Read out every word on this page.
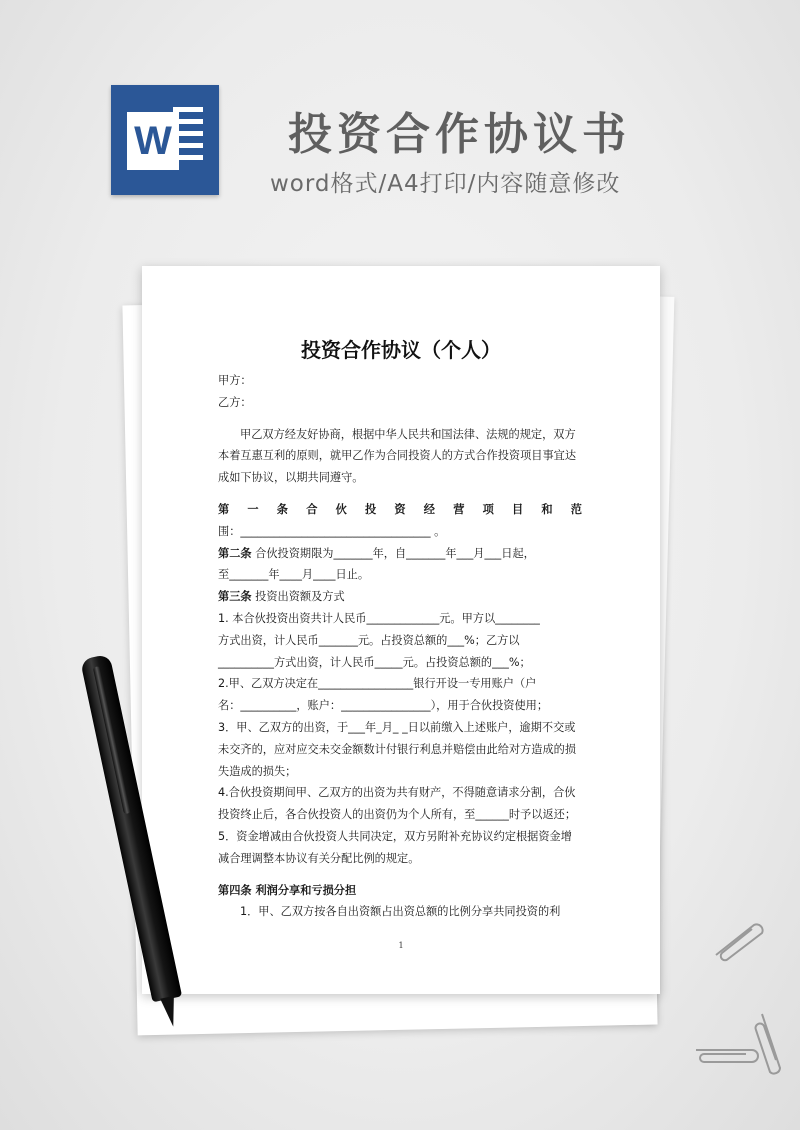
W	投资合作协议书
word格式/A4打印/内容随意修改
投资合作协议（个人）

甲方：

乙方：

甲乙双方经友好协商，根据中华人民共和国法律、法规的规定，双方本着互惠互利的原则，就甲乙作为合同投资人的方式合作投资项目事宜达成如下协议，以期共同遵守。

第 一 条 合 伙 投 资 经 营 项 目 和 范

围：__________________________________ 。

第二条 合伙投资期限为_______年，自_______年___月___日起，

至_______年____月____日止。

第三条 投资出资额及方式

1. 本合伙投资出资共计人民币_____________元。甲方以________

方式出资，计人民币_______元。占投资总额的___%；乙方以

__________方式出资，计人民币_____元。占投资总额的___%；

2.甲、乙双方决定在_________________银行开设一专用账户（户

名：__________，账户：________________），用于合伙投资使用；

3．甲、乙双方的出资，于___年_月_ _日以前缴入上述账户，逾期不交或未交齐的，应对应交未交金额数计付银行利息并赔偿由此给对方造成的损失造成的损失；

4.合伙投资期间甲、乙双方的出资为共有财产，不得随意请求分割，合伙投资终止后，各合伙投资人的出资仍为个人所有，至______时予以返还；

5．资金增减由合伙投资人共同决定，双方另附补充协议约定根据资金增减合理调整本协议有关分配比例的规定。

第四条 利润分享和亏损分担

1．甲、乙双方按各自出资额占出资总额的比例分享共同投资的利

1
